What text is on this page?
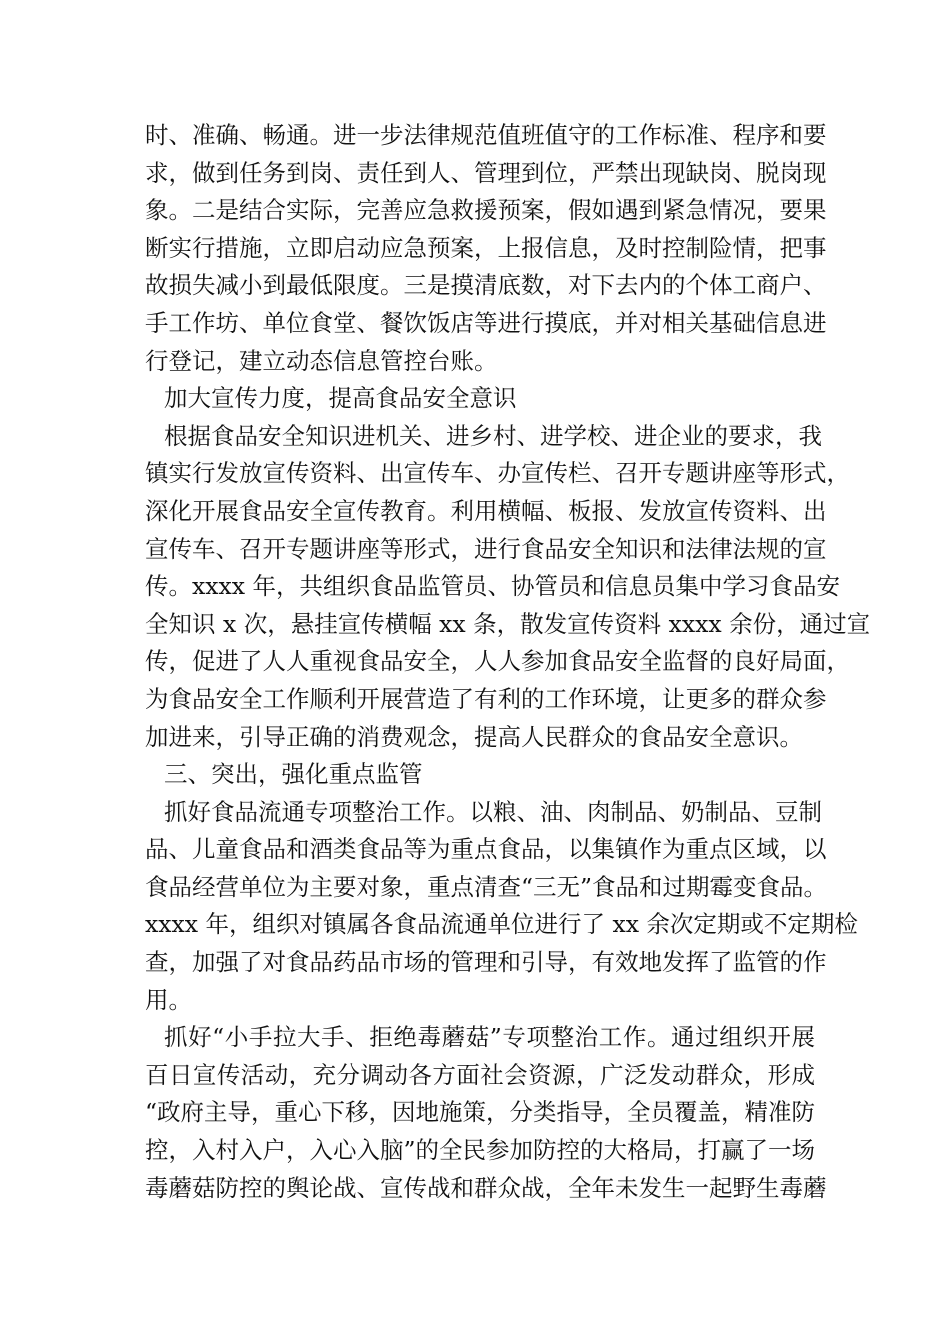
时、准确、畅通。进一步法律规范值班值守的工作标准、程序和要
求，做到任务到岗、责任到人、管理到位，严禁出现缺岗、脱岗现
象。二是结合实际，完善应急救援预案，假如遇到紧急情况，要果
断实行措施，立即启动应急预案，上报信息，及时控制险情，把事
故损失减小到最低限度。三是摸清底数，对下去内的个体工商户、
手工作坊、单位食堂、餐饮饭店等进行摸底，并对相关基础信息进
行登记，建立动态信息管控台账。
加大宣传力度，提高食品安全意识
根据食品安全知识进机关、进乡村、进学校、进企业的要求，我
镇实行发放宣传资料、出宣传车、办宣传栏、召开专题讲座等形式，
深化开展食品安全宣传教育。利用横幅、板报、发放宣传资料、出
宣传车、召开专题讲座等形式，进行食品安全知识和法律法规的宣
传。xxxx 年，共组织食品监管员、协管员和信息员集中学习食品安
全知识 x 次，悬挂宣传横幅 xx 条，散发宣传资料 xxxx 余份，通过宣
传，促进了人人重视食品安全，人人参加食品安全监督的良好局面，
为食品安全工作顺利开展营造了有利的工作环境，让更多的群众参
加进来，引导正确的消费观念，提高人民群众的食品安全意识。
三、突出，强化重点监管
抓好食品流通专项整治工作。以粮、油、肉制品、奶制品、豆制
品、儿童食品和酒类食品等为重点食品，以集镇作为重点区域，以
食品经营单位为主要对象，重点清查“三无”食品和过期霉变食品。
xxxx 年，组织对镇属各食品流通单位进行了 xx 余次定期或不定期检
查，加强了对食品药品市场的管理和引导，有效地发挥了监管的作
用。
抓好“小手拉大手、拒绝毒蘑菇”专项整治工作。通过组织开展
百日宣传活动，充分调动各方面社会资源，广泛发动群众，形成
“政府主导，重心下移，因地施策，分类指导，全员覆盖，精准防
控，入村入户，入心入脑”的全民参加防控的大格局，打赢了一场
毒蘑菇防控的舆论战、宣传战和群众战，全年未发生一起野生毒蘑
